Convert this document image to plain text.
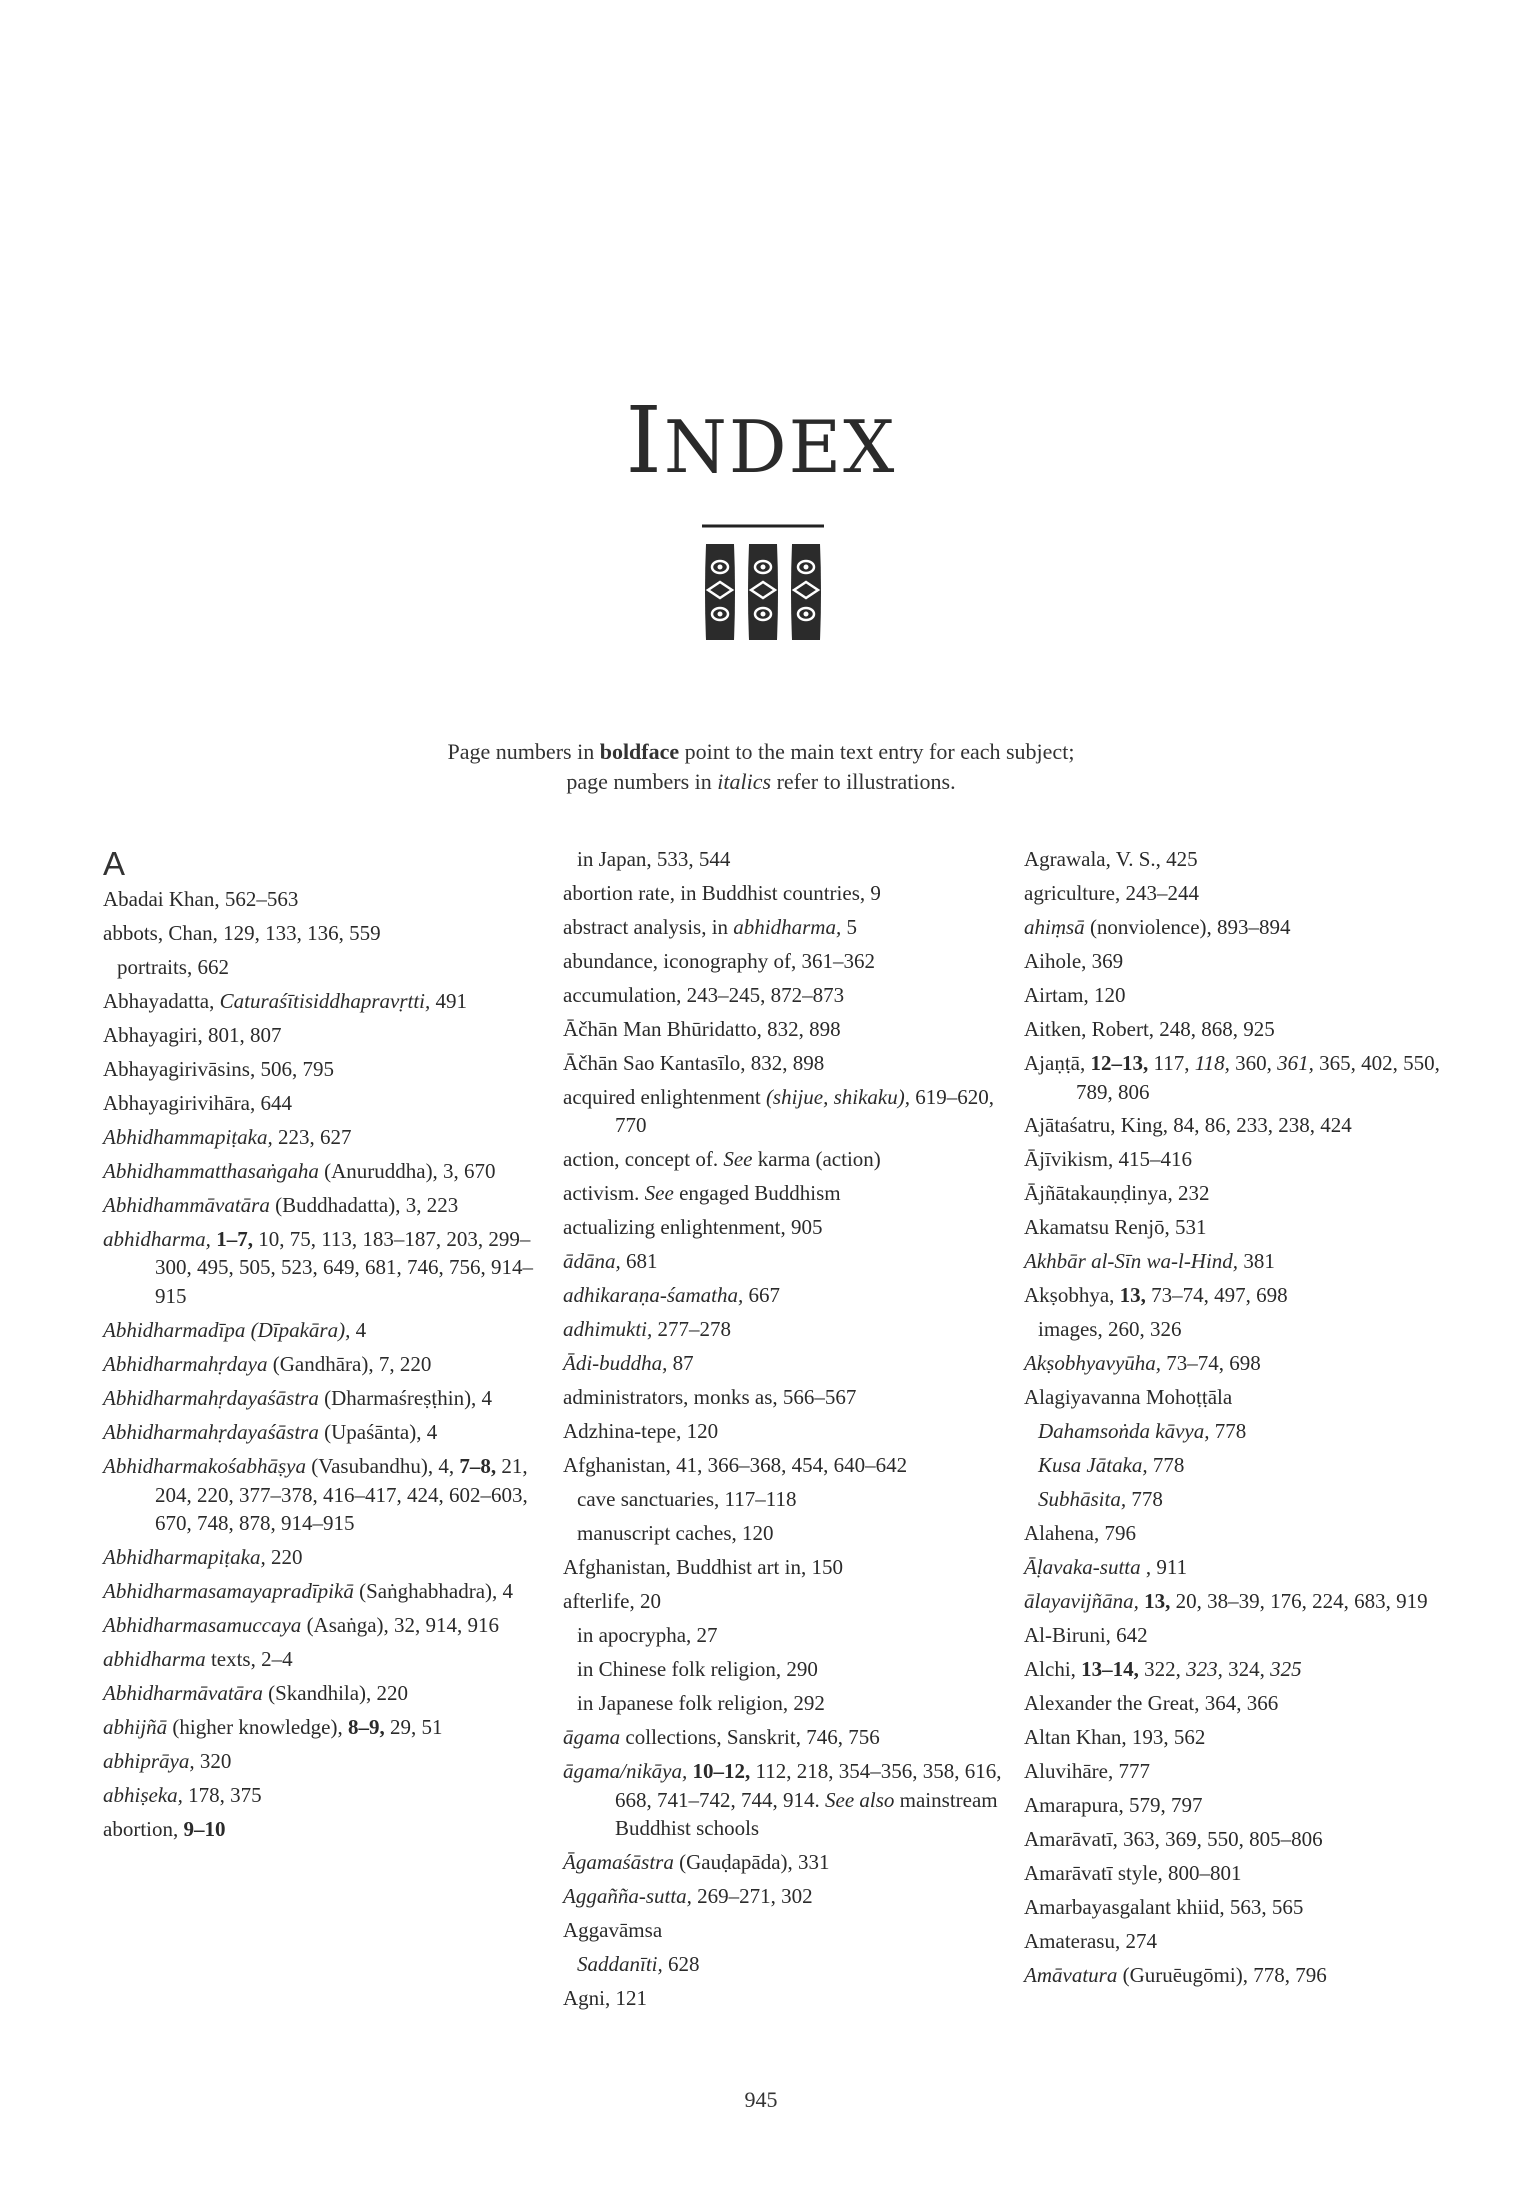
INDEX
Page numbers in boldface point to the main text entry for each subject;
page numbers in italics refer to illustrations.
A
Abadai Khan, 562–563
abbots, Chan, 129, 133, 136, 559
portraits, 662
Abhayadatta, Caturaśītisiddhapravṛtti, 491
Abhayagiri, 801, 807
Abhayagirivāsins, 506, 795
Abhayagirivihāra, 644
Abhidhammapiṭaka, 223, 627
Abhidhammatthasaṅgaha (Anuruddha), 3, 670
Abhidhammāvatāra (Buddhadatta), 3, 223
abhidharma, 1–7, 10, 75, 113, 183–187, 203, 299–300, 495, 505, 523, 649, 681, 746, 756, 914–915
Abhidharmadīpa (Dīpakāra), 4
Abhidharmahṛdaya (Gandhāra), 7, 220
Abhidharmahṛdayaśāstra (Dharmaśreṣṭhin), 4
Abhidharmahṛdayaśāstra (Upaśānta), 4
Abhidharmakośabhāṣya (Vasubandhu), 4, 7–8, 21, 204, 220, 377–378, 416–417, 424, 602–603, 670, 748, 878, 914–915
Abhidharmapiṭaka, 220
Abhidharmasamayapradīpikā (Saṅghabhadra), 4
Abhidharmasamuccaya (Asaṅga), 32, 914, 916
abhidharma texts, 2–4
Abhidharmāvatāra (Skandhila), 220
abhijñā (higher knowledge), 8–9, 29, 51
abhiprāya, 320
abhiṣeka, 178, 375
abortion, 9–10
in Japan, 533, 544
abortion rate, in Buddhist countries, 9
abstract analysis, in abhidharma, 5
abundance, iconography of, 361–362
accumulation, 243–245, 872–873
Āčhān Man Bhūridatto, 832, 898
Āčhān Sao Kantasīlo, 832, 898
acquired enlightenment (shijue, shikaku), 619–620, 770
action, concept of. See karma (action)
activism. See engaged Buddhism
actualizing enlightenment, 905
ādāna, 681
adhikaraṇa-śamatha, 667
adhimukti, 277–278
Ādi-buddha, 87
administrators, monks as, 566–567
Adzhina-tepe, 120
Afghanistan, 41, 366–368, 454, 640–642
cave sanctuaries, 117–118
manuscript caches, 120
Afghanistan, Buddhist art in, 150
afterlife, 20
in apocrypha, 27
in Chinese folk religion, 290
in Japanese folk religion, 292
āgama collections, Sanskrit, 746, 756
āgama/nikāya, 10–12, 112, 218, 354–356, 358, 616, 668, 741–742, 744, 914. See also mainstream Buddhist schools
Āgamaśāstra (Gauḍapāda), 331
Aggañña-sutta, 269–271, 302
Aggavāmsa
Saddanīti, 628
Agni, 121
Agrawala, V. S., 425
agriculture, 243–244
ahiṃsā (nonviolence), 893–894
Aihole, 369
Airtam, 120
Aitken, Robert, 248, 868, 925
Ajaṇṭā, 12–13, 117, 118, 360, 361, 365, 402, 550, 789, 806
Ajātaśatru, King, 84, 86, 233, 238, 424
Ājīvikism, 415–416
Ājñātakauṇḍinya, 232
Akamatsu Renjō, 531
Akhbār al-Sīn wa-l-Hind, 381
Akṣobhya, 13, 73–74, 497, 698
images, 260, 326
Akṣobhyavyūha, 73–74, 698
Alagiyavanna Mohoṭṭāla
Dahamsoṅda kāvya, 778
Kusa Jātaka, 778
Subhāsita, 778
Alahena, 796
Āḷavaka-sutta , 911
ālayavijñāna, 13, 20, 38–39, 176, 224, 683, 919
Al-Biruni, 642
Alchi, 13–14, 322, 323, 324, 325
Alexander the Great, 364, 366
Altan Khan, 193, 562
Aluvihāre, 777
Amarapura, 579, 797
Amarāvatī, 363, 369, 550, 805–806
Amarāvatī style, 800–801
Amarbayasgalant khiid, 563, 565
Amaterasu, 274
Amāvatura (Guruēugōmi), 778, 796
945
